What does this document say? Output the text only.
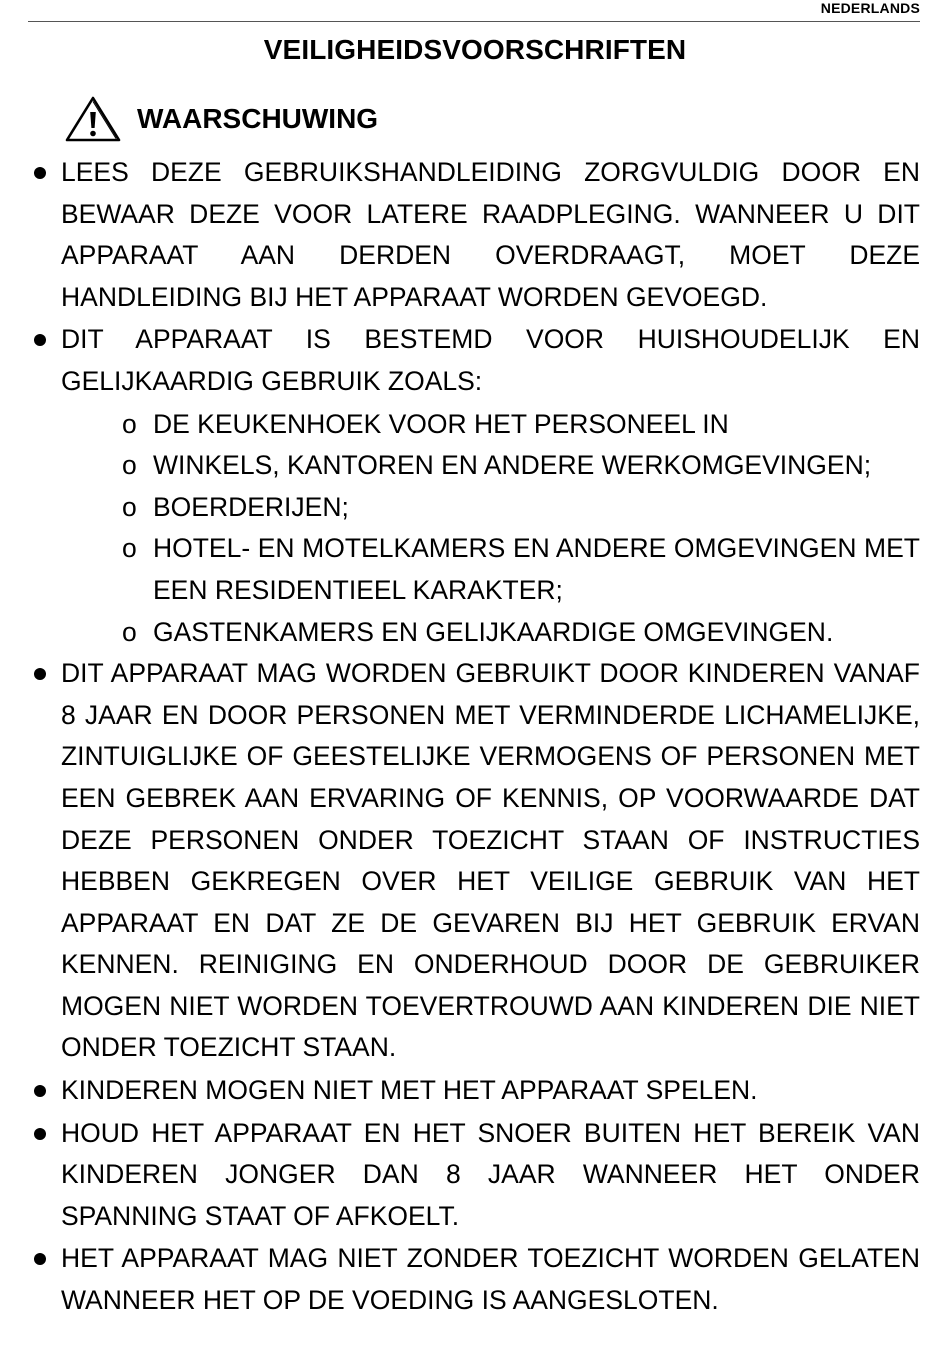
NEDERLANDS
VEILIGHEIDSVOORSCHRIFTEN
WAARSCHUWING
LEES DEZE GEBRUIKSHANDLEIDING ZORGVULDIG DOOR EN BEWAAR DEZE VOOR LATERE RAADPLEGING. WANNEER U DIT APPARAAT AAN DERDEN OVERDRAAGT, MOET DEZE HANDLEIDING BIJ HET APPARAAT WORDEN GEVOEGD.
DIT APPARAAT IS BESTEMD VOOR HUISHOUDELIJK EN GELIJKAARDIG GEBRUIK ZOALS:
o DE KEUKENHOEK VOOR HET PERSONEEL IN
o WINKELS, KANTOREN EN ANDERE WERKOMGEVINGEN;
o BOERDERIJEN;
o HOTEL- EN MOTELKAMERS EN ANDERE OMGEVINGEN MET EEN RESIDENTIEEL KARAKTER;
o GASTENKAMERS EN GELIJKAARDIGE OMGEVINGEN.
DIT APPARAAT MAG WORDEN GEBRUIKT DOOR KINDEREN VANAF 8 JAAR EN DOOR PERSONEN MET VERMINDERDE LICHAMELIJKE, ZINTUIGLIJKE OF GEESTELIJKE VERMOGENS OF PERSONEN MET EEN GEBREK AAN ERVARING OF KENNIS, OP VOORWAARDE DAT DEZE PERSONEN ONDER TOEZICHT STAAN OF INSTRUCTIES HEBBEN GEKREGEN OVER HET VEILIGE GEBRUIK VAN HET APPARAAT EN DAT ZE DE GEVAREN BIJ HET GEBRUIK ERVAN KENNEN. REINIGING EN ONDERHOUD DOOR DE GEBRUIKER MOGEN NIET WORDEN TOEVERTROUWD AAN KINDEREN DIE NIET ONDER TOEZICHT STAAN.
KINDEREN MOGEN NIET MET HET APPARAAT SPELEN.
HOUD HET APPARAAT EN HET SNOER BUITEN HET BEREIK VAN KINDEREN JONGER DAN 8 JAAR WANNEER HET ONDER SPANNING STAAT OF AFKOELT.
HET APPARAAT MAG NIET ZONDER TOEZICHT WORDEN GELATEN WANNEER HET OP DE VOEDING IS AANGESLOTEN.
